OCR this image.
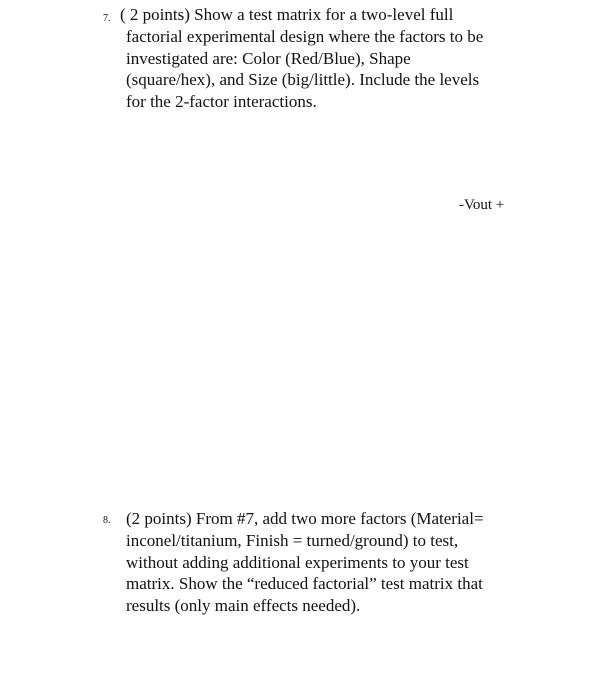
7. ( 2 points) Show a test matrix for a two-level full
factorial experimental design where the factors to be
investigated are: Color (Red/Blue), Shape
(square/hex), and Size (big/little). Include the levels
for the 2-factor interactions.
-Vout +
8. (2 points) From #7, add two more factors (Material=
inconel/titanium, Finish = turned/ground) to test,
without adding additional experiments to your test
matrix. Show the “reduced factorial” test matrix that
results (only main effects needed).
